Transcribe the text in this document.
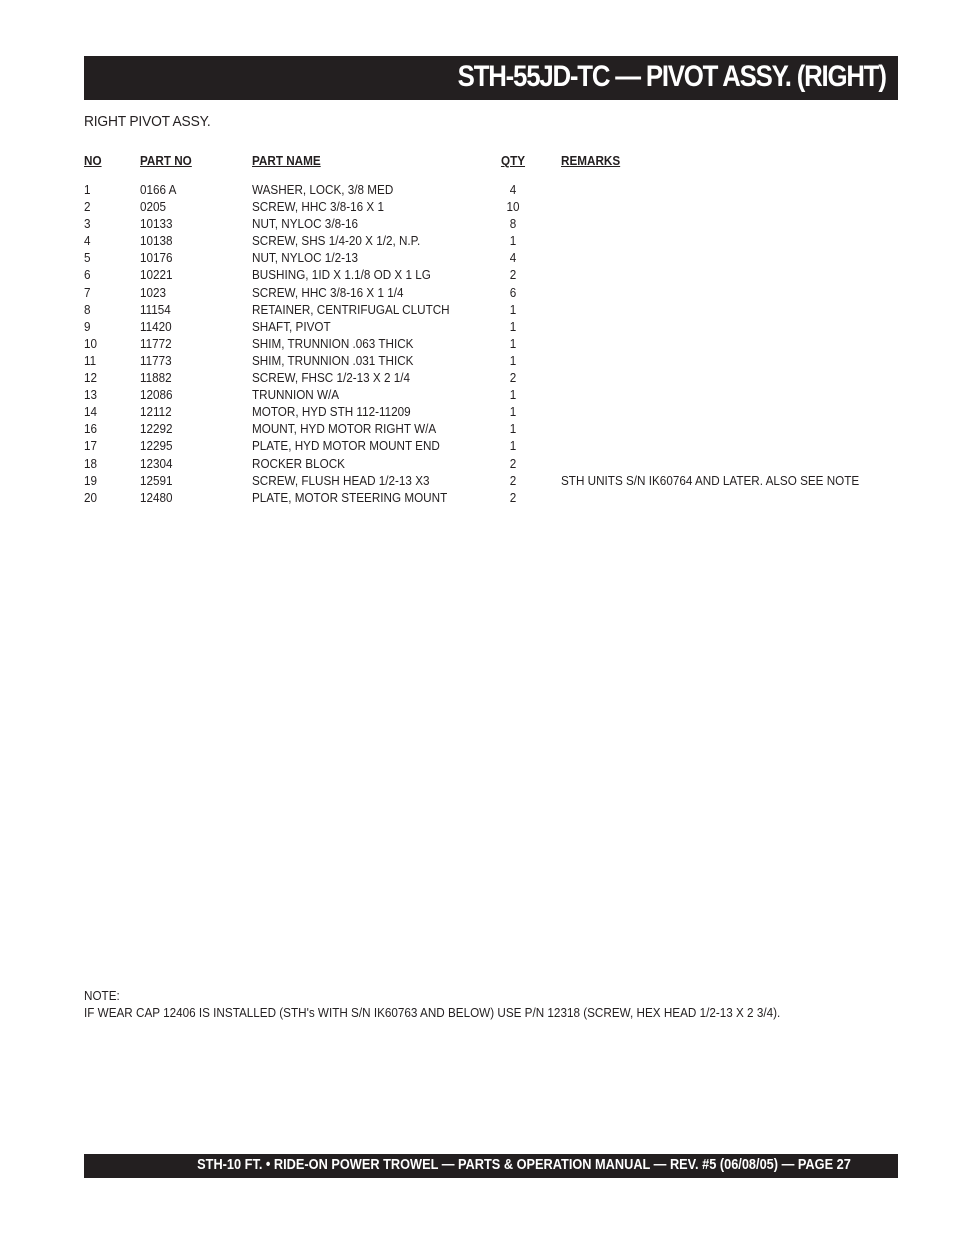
STH-55JD-TC — PIVOT ASSY. (RIGHT)
RIGHT PIVOT ASSY.
NO	PART NO	PART NAME	QTY	REMARKS
1	0166 A	WASHER, LOCK, 3/8 MED	4
2	0205	SCREW, HHC 3/8-16 X 1	10
3	10133	NUT, NYLOC 3/8-16	8
4	10138	SCREW, SHS 1/4-20 X 1/2, N.P.	1
5	10176	NUT, NYLOC 1/2-13	4
6	10221	BUSHING, 1ID X 1.1/8 OD X 1 LG	2
7	1023	SCREW, HHC 3/8-16 X 1 1/4	6
8	11154	RETAINER, CENTRIFUGAL CLUTCH	1
9	11420	SHAFT, PIVOT	1
10	11772	SHIM, TRUNNION .063 THICK	1
11	11773	SHIM, TRUNNION .031 THICK	1
12	11882	SCREW, FHSC 1/2-13 X 2 1/4	2
13	12086	TRUNNION W/A	1
14	12112	MOTOR, HYD STH 112-11209	1
16	12292	MOUNT, HYD MOTOR RIGHT W/A	1
17	12295	PLATE, HYD MOTOR MOUNT END	1
18	12304	ROCKER BLOCK	2
19	12591	SCREW, FLUSH HEAD 1/2-13 X3	2	STH UNITS S/N IK60764 AND LATER. ALSO SEE NOTE
20	12480	PLATE, MOTOR STEERING MOUNT	2
NOTE:
IF WEAR CAP 12406 IS INSTALLED (STH's WITH S/N IK60763 AND BELOW) USE P/N 12318 (SCREW, HEX HEAD 1/2-13 X 2 3/4).
STH-10 FT. • RIDE-ON POWER TROWEL — PARTS & OPERATION MANUAL — REV. #5 (06/08/05) — PAGE 27
